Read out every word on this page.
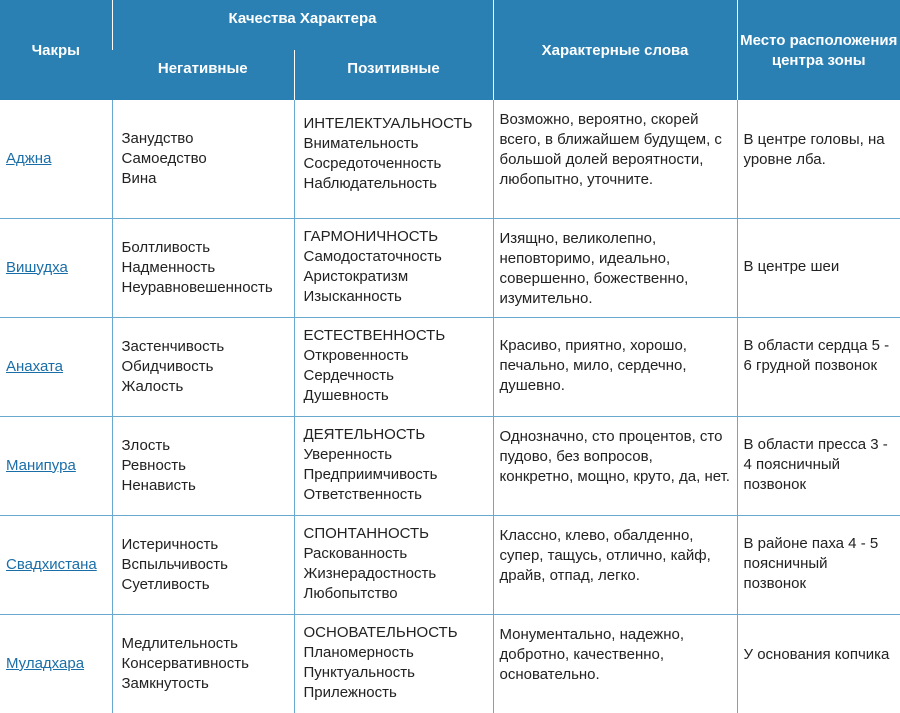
Чакры	Качества Характера		Характерные слова	Место расположения центра зоны
	Негативные	Позитивные		
Аджна	Занудство
Самоедство
Вина	ИНТЕЛЕКТУАЛЬНОСТЬ
Внимательность
Сосредоточенность
Наблюдательность	Возможно, вероятно, скорей всего, в ближайшем будущем, с большой долей вероятности, любопытно, уточните.	В центре головы, на уровне лба.

Вишудха	Болтливость
Надменность
Неуравновешенность	ГАРМОНИЧНОСТЬ
Самодостаточность
Аристократизм
Изысканность	Изящно, великолепно, неповторимо, идеально, совершенно, божественно, изумительно.	В центре шеи

Анахата	Застенчивость
Обидчивость
Жалость	ЕСТЕСТВЕННОСТЬ
Откровенность
Сердечность
Душевность	Красиво, приятно, хорошо, печально, мило, сердечно, душевно.	В области сердца 5 - 6 грудной позвонок

Манипура	Злость
Ревность
Ненависть	ДЕЯТЕЛЬНОСТЬ
Уверенность
Предприимчивость
Ответственность	Однозначно, сто процентов, сто пудово, без вопросов, конкретно, мощно, круто, да, нет.	В области пресса 3 - 4 поясничный позвонок

Свадхистана	Истеричность
Вспыльчивость
Суетливость	СПОНТАННОСТЬ
Раскованность
Жизнерадостность
Любопытство	Классно, клево, обалденно, супер, тащусь, отлично, кайф, драйв, отпад, легко.	В районе паха 4 - 5 поясничный позвонок

Муладхара	Медлительность
Консервативность
Замкнутость	ОСНОВАТЕЛЬНОСТЬ
Планомерность
Пунктуальность
Прилежность	Монументально, надежно, добротно, качественно, основательно.	У основания копчика
